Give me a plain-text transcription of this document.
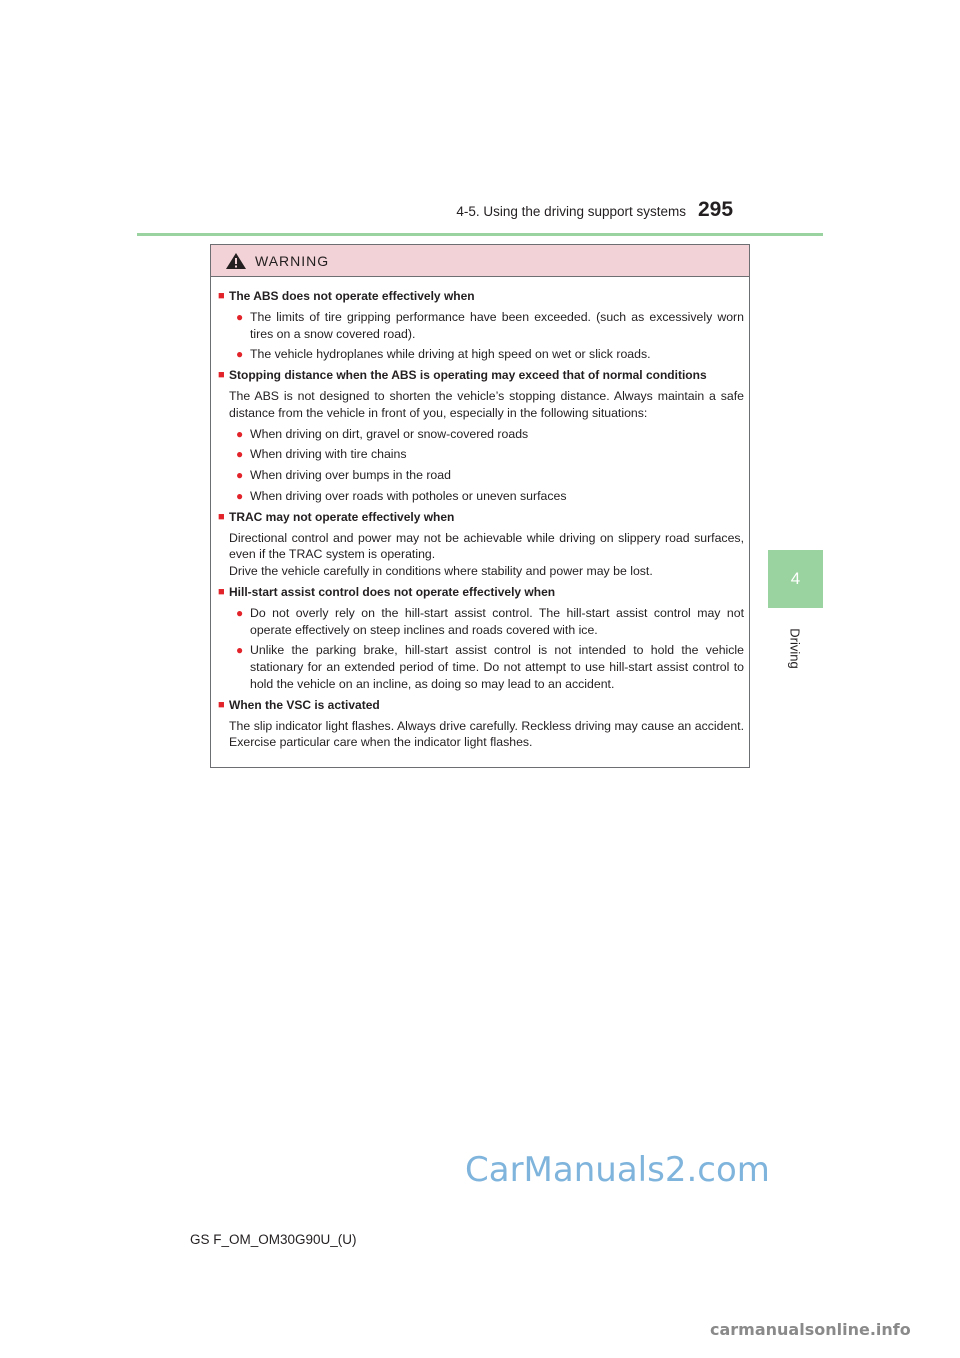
4-5. Using the driving support systems 295
4
Driving
WARNING
■ The ABS does not operate effectively when
● The limits of tire gripping performance have been exceeded. (such as excessively worn tires on a snow covered road).
● The vehicle hydroplanes while driving at high speed on wet or slick roads.
■ Stopping distance when the ABS is operating may exceed that of normal conditions
The ABS is not designed to shorten the vehicle’s stopping distance. Always maintain a safe distance from the vehicle in front of you, especially in the following situations:
● When driving on dirt, gravel or snow-covered roads
● When driving with tire chains
● When driving over bumps in the road
● When driving over roads with potholes or uneven surfaces
■ TRAC may not operate effectively when
Directional control and power may not be achievable while driving on slippery road surfaces, even if the TRAC system is operating.
Drive the vehicle carefully in conditions where stability and power may be lost.
■ Hill-start assist control does not operate effectively when
● Do not overly rely on the hill-start assist control. The hill-start assist control may not operate effectively on steep inclines and roads covered with ice.
● Unlike the parking brake, hill-start assist control is not intended to hold the vehicle stationary for an extended period of time. Do not attempt to use hill-start assist control to hold the vehicle on an incline, as doing so may lead to an accident.
■ When the VSC is activated
The slip indicator light flashes. Always drive carefully. Reckless driving may cause an accident. Exercise particular care when the indicator light flashes.
GS F_OM_OM30G90U_(U)
CarManuals2.com
carmanualsonline.info
